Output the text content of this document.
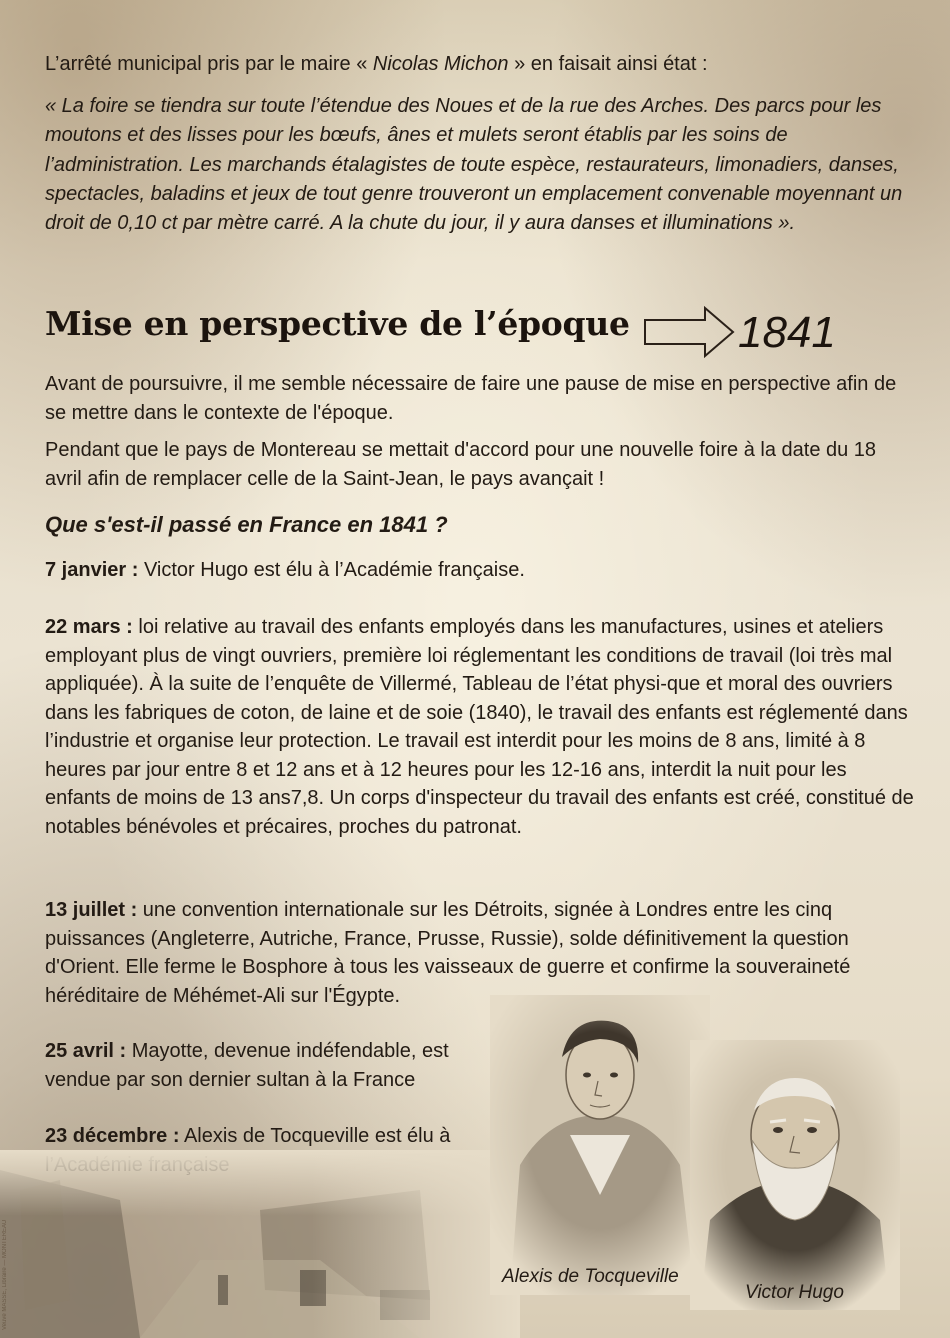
L’arrêté municipal pris par le maire « Nicolas Michon » en faisait ainsi état :

« La foire se tiendra sur toute l’étendue des Noues et de la rue des Arches. Des parcs pour les moutons et des lisses pour les bœufs, ânes et mulets seront établis par les soins de l’administration. Les marchands étalagistes de toute espèce, restaurateurs, limonadiers, danses, spectacles, baladins et jeux de tout genre trouveront un emplacement convenable moyennant un droit de 0,10 ct par mètre carré. A la chute du jour, il y aura danses et illuminations ».

Mise en perspective de l’époque 1841

Avant de poursuivre, il me semble nécessaire de faire une pause de mise en perspective afin de se mettre dans le contexte de l'époque.

Pendant que le pays de Montereau se mettait d'accord pour une nouvelle foire à la date du 18 avril afin de remplacer celle de la Saint-Jean, le pays avançait !

Que s'est-il passé en France en 1841 ?

7 janvier : Victor Hugo est élu à l’Académie française.

22 mars : loi relative au travail des enfants employés dans les manufactures, usines et ateliers employant plus de vingt ouvriers, première loi réglementant les conditions de travail (loi très mal appliquée). À la suite de l’enquête de Villermé, Tableau de l’état physi-que et moral des ouvriers dans les fabriques de coton, de laine et de soie (1840), le travail des enfants est réglementé dans l’industrie et organise leur protection. Le travail est interdit pour les moins de 8 ans, limité à 8 heures par jour entre 8 et 12 ans et à 12 heures pour les 12-16 ans, interdit la nuit pour les enfants de moins de 13 ans7,8. Un corps d'inspecteur du travail des enfants est créé, constitué de notables bénévoles et précaires, proches du patronat.

13 juillet : une convention internationale sur les Détroits, signée à Londres entre les cinq puissances (Angleterre, Autriche, France, Prusse, Russie), solde définitivement la question d'Orient. Elle ferme le Bosphore à tous les vaisseaux de guerre et confirme la souveraineté héréditaire de Méhémet-Ali sur l'Égypte.

25 avril : Mayotte, devenue indéfendable, est vendue par son dernier sultan à la France

23 décembre : Alexis de Tocqueville est élu à

Veuve MASSE, Libraire — MONTEREAU	Alexis de Tocqueville
Victor Hugo
